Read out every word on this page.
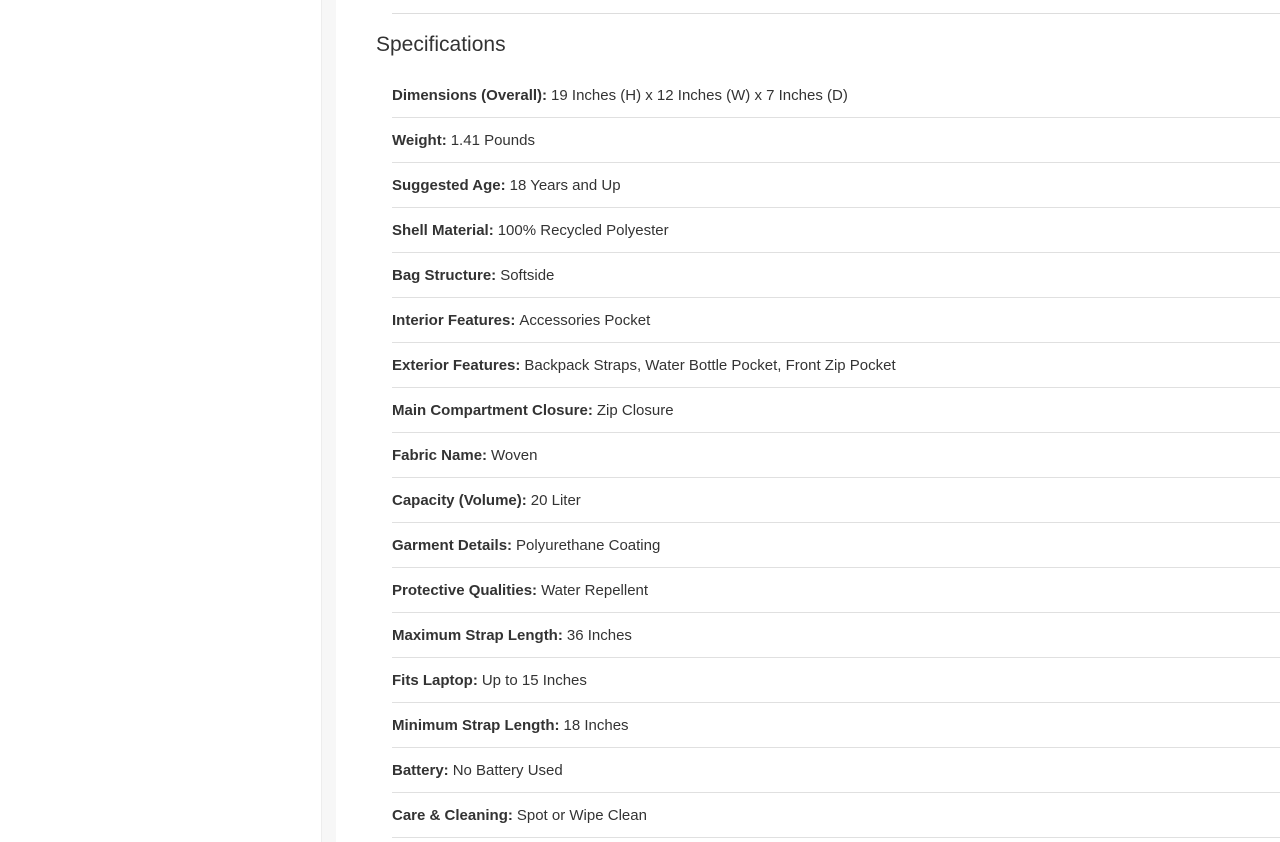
Specifications
Dimensions (Overall): 19 Inches (H) x 12 Inches (W) x 7 Inches (D)
Weight: 1.41 Pounds
Suggested Age: 18 Years and Up
Shell Material: 100% Recycled Polyester
Bag Structure: Softside
Interior Features: Accessories Pocket
Exterior Features: Backpack Straps, Water Bottle Pocket, Front Zip Pocket
Main Compartment Closure: Zip Closure
Fabric Name: Woven
Capacity (Volume): 20 Liter
Garment Details: Polyurethane Coating
Protective Qualities: Water Repellent
Maximum Strap Length: 36 Inches
Fits Laptop: Up to 15 Inches
Minimum Strap Length: 18 Inches
Battery: No Battery Used
Care & Cleaning: Spot or Wipe Clean
